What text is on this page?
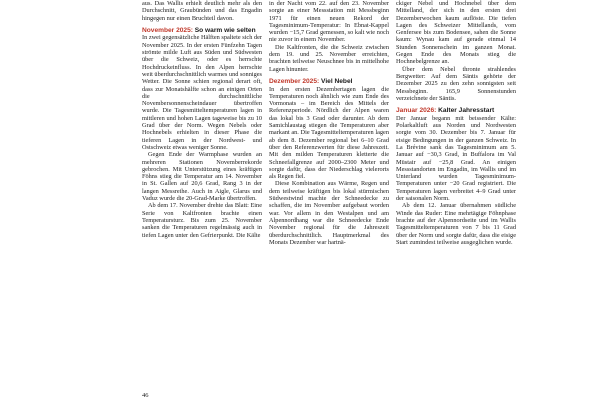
aus. Das Wallis erhielt deutlich mehr als den Durchschnitt, Graubünden und das Engadin hingegen nur einen Bruchteil davon.

November 2025: So warm wie selten

In zwei gegensätzliche Hälften spaltete sich der November 2025. In der ersten Fünfzehn Tagen strömte milde Luft aus Süden und Südwesten über die Schweiz, oder es herrschte Hochdruckeinfluss. In den Alpen herrschte weit überdurchschnittlich warmes und sonniges Wetter. Die Sonne schien regional derart oft, dass zur Monatshälfte schon an einigen Orten die durchschnittliche Novembersonnenscheindauer übertroffen wurde. Die Tagesmitteltemperaturen lagen in mittleren und hohen Lagen tageweise bis zu 10 Grad über der Norm. Wegen Nebels oder Hochnebels erhielten in dieser Phase die tieferen Lagen in der Nordwest- und Ostschweiz etwas weniger Sonne.

Gegen Ende der Warmphase wurden an mehreren Stationen Novemberrekorde gebrochen. Mit Unterstützung eines kräftigen Föhns stieg die Temperatur am 14. November in St. Gallen auf 20,6 Grad, Rang 3 in der langen Messreihe. Auch in Aigle, Glarus und Vaduz wurde die 20-Grad-Marke übertroffen.

Ab dem 17. November drehte das Blatt: Eine Serie von Kaltfronten brachte einen Temperatursturz. Bis zum 25. November sanken die Temperaturen regelmässig auch in tiefen Lagen unter den Gefrierpunkt. Die Kälte

in der Nacht vom 22. auf den 23. November sorgte an einer Messstation mit Messbeginn 1971 für einen neuen Rekord der Tagesminimum-Temperatur: In Ebnat-Kappel wurden −15,7 Grad gemessen, so kalt wie noch nie zuvor in einem November.

Die Kaltfronten, die die Schweiz zwischen dem 19. und 25. November erreichten, brachten teilweise Neuschnee bis in mittelhohe Lagen hinunter.

Dezember 2025: Viel Nebel

In den ersten Dezembertagen lagen die Temperaturen noch ähnlich wie zum Ende des Vormonats – im Bereich des Mittels der Referenzperiode. Nördlich der Alpen waren das lokal bis 3 Grad oder darunter. Ab dem Samichlaustag stiegen die Temperaturen aber markant an. Die Tagesmitteltemperaturen lagen ab dem 8. Dezember regional bei 6–10 Grad über den Referenzwerten für diese Jahreszeit. Mit den milden Temperaturen kletterte die Schneefallgrenze auf 2000–2300 Meter und sorgte dafür, dass der Niederschlag vielerorts als Regen fiel.

Diese Kombination aus Wärme, Regen und dem teilweise kräftigen bis lokal stürmischen Südwestwind machte der Schneedecke zu schaffen, die im November aufgebaut worden war. Vor allem in den Westalpen und am Alpennordhang war die Schneedecke Ende November regional für die Jahreszeit überdurchschnittlich. Hauptmerkmal des Monats Dezember war hartnä-

ckiger Nebel und Hochnebel über dem Mittelland, der sich in den ersten drei Dezemberwochen kaum auflöste. Die tiefen Lagen des Schweizer Mittellands, vom Genfersee bis zum Bodensee, sahen die Sonne kaum: Wynau kam auf gerade einmal 14 Stunden Sonnenschein im ganzen Monat. Gegen Ende des Monats stieg die Hochnebelgrenze an.

Über dem Nebel thronte strahlendes Bergwetter: Auf dem Säntis gehörte der Dezember 2025 zu den zehn sonnigsten seit Messbeginn. 165,9 Sonnenstunden verzeichnete der Säntis.

Januar 2026: Kalter Jahresstart

Der Januar begann mit beissender Kälte: Polarkaltluft aus Norden und Nordwesten sorgte vom 30. Dezember bis 7. Januar für eisige Bedingungen in der ganzen Schweiz. In La Brévine sank das Tagesminimum am 5. Januar auf −30,3 Grad, in Buffalora im Val Müstair auf −25,8 Grad. An einigen Messstandorten im Engadin, im Wallis und im Unterland wurden Tagesminimum-Temperaturen unter −20 Grad registriert. Die Temperaturen lagen verbreitet 4–9 Grad unter der saisonalen Norm.

Ab dem 12. Januar übernahmen südliche Winde das Ruder: Eine mehrtägige Föhnphase brachte auf der Alpennordseite und im Wallis Tagesmitteltemperaturen von 7 bis 11 Grad über der Norm und sorgte dafür, dass die eisige Start zumindest teilweise ausgeglichen wurde.

46
